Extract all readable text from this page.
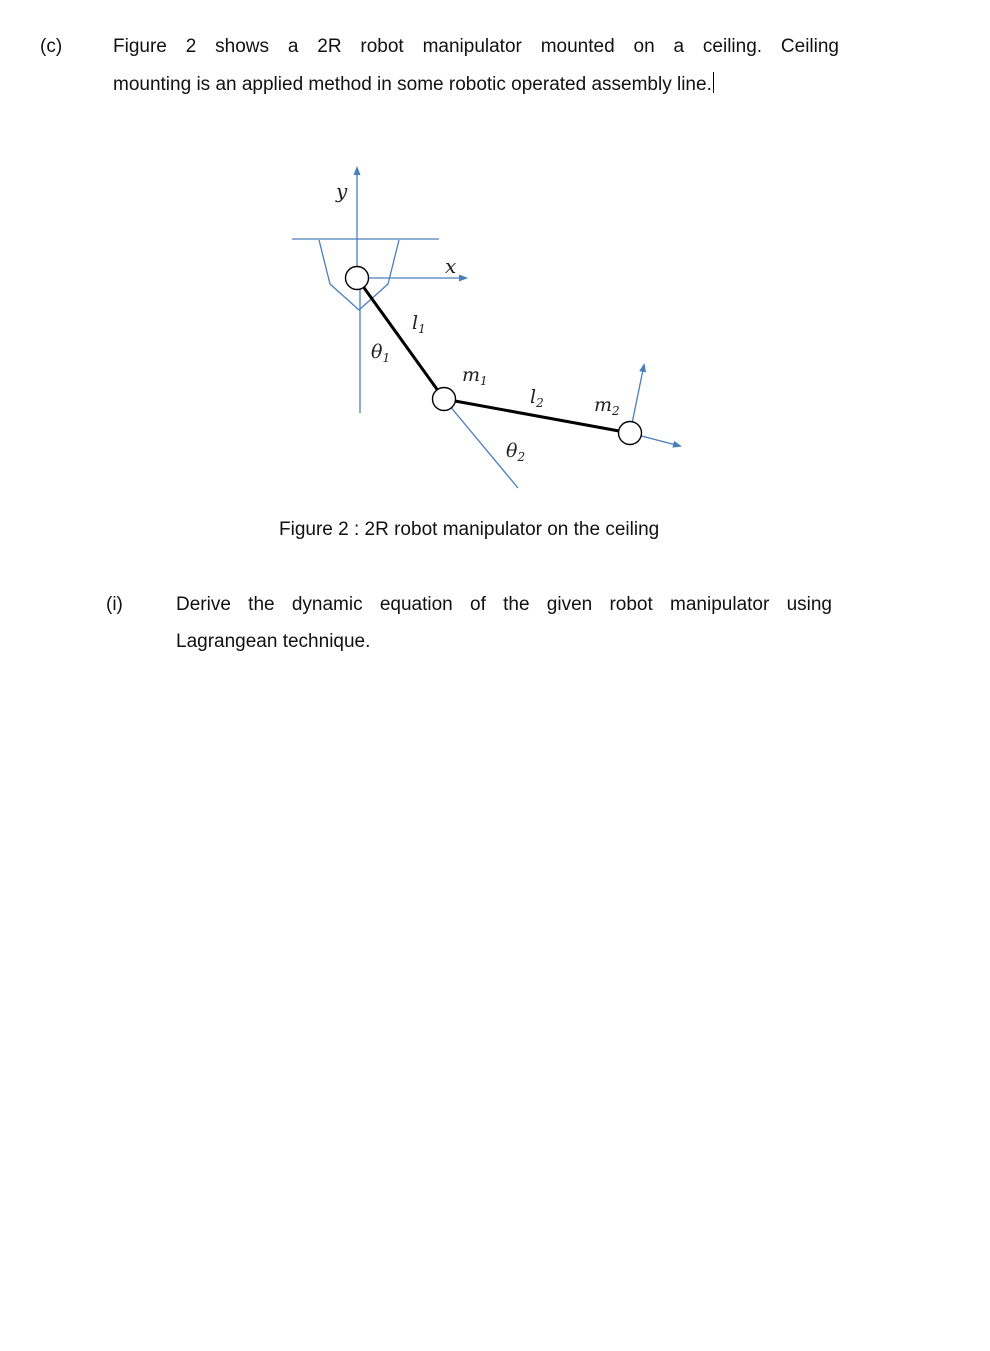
(c)	Figure 2 shows a 2R robot manipulator mounted on a ceiling. Ceiling
mounting is an applied method in some robotic operated assembly line.
y
x
$l_1$
$\theta_1$
$m_1$
$l_2$	$m_2$
$\theta_2$
Figure 2 : 2R robot manipulator on the ceiling
(i)	Derive the dynamic equation of the given robot manipulator using
Lagrangean technique.
